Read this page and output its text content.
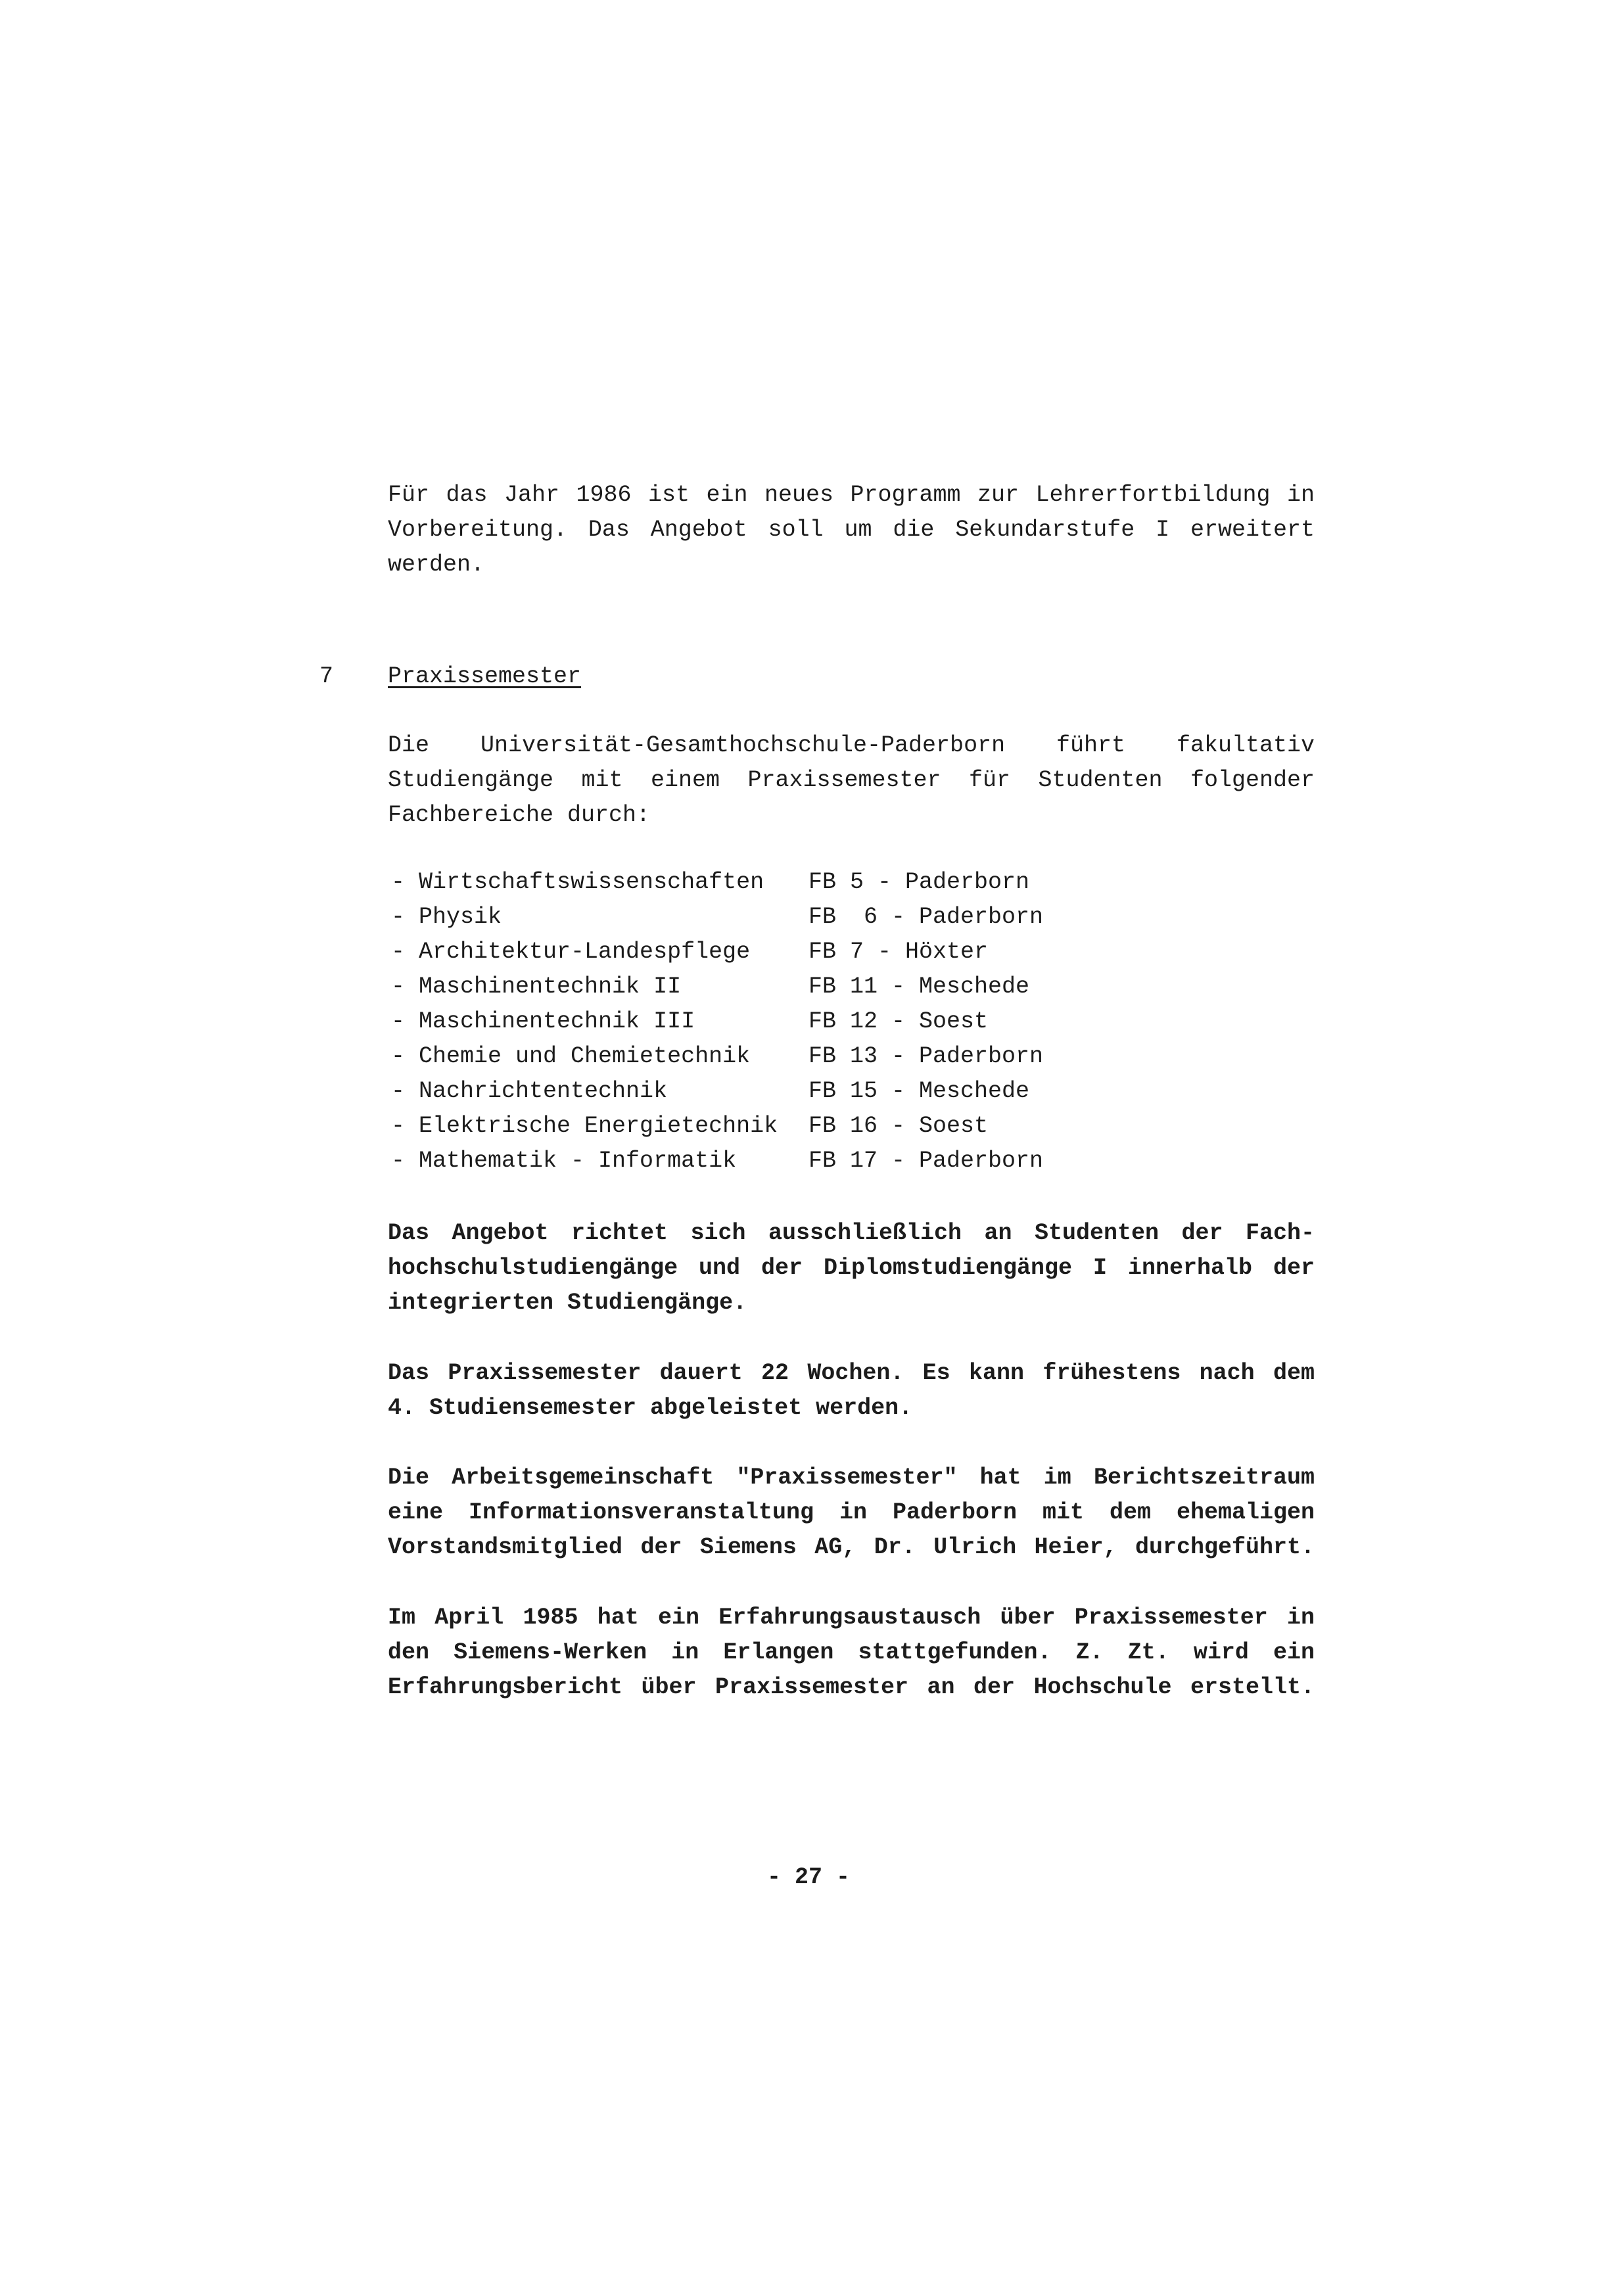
Für das Jahr 1986 ist ein neues Programm zur Lehrerfortbildung in
Vorbereitung. Das Angebot soll um die Sekundarstufe I erweitert
werden.
7 Praxissemester
Die Universität-Gesamthochschule-Paderborn führt fakultativ
Studiengänge mit einem Praxissemester für Studenten folgender
Fachbereiche durch:
- Wirtschaftswissenschaften	FB 5 - Paderborn
- Physik	FB  6 - Paderborn
- Architektur-Landespflege	FB 7 - Höxter
- Maschinentechnik II	FB 11 - Meschede
- Maschinentechnik III	FB 12 - Soest
- Chemie und Chemietechnik	FB 13 - Paderborn
- Nachrichtentechnik	FB 15 - Meschede
- Elektrische Energietechnik	FB 16 - Soest
- Mathematik - Informatik	FB 17 - Paderborn
Das Angebot richtet sich ausschließlich an Studenten der Fach-
hochschulstudiengänge und der Diplomstudiengänge I innerhalb der
integrierten Studiengänge.
Das Praxissemester dauert 22 Wochen. Es kann frühestens nach dem
4. Studiensemester abgeleistet werden.
Die Arbeitsgemeinschaft "Praxissemester" hat im Berichtszeitraum
eine Informationsveranstaltung in Paderborn mit dem ehemaligen
Vorstandsmitglied der Siemens AG, Dr. Ulrich Heier, durchgeführt.
Im April 1985 hat ein Erfahrungsaustausch über Praxissemester in
den Siemens-Werken in Erlangen stattgefunden. Z. Zt. wird ein
Erfahrungsbericht über Praxissemester an der Hochschule erstellt.
- 27 -
